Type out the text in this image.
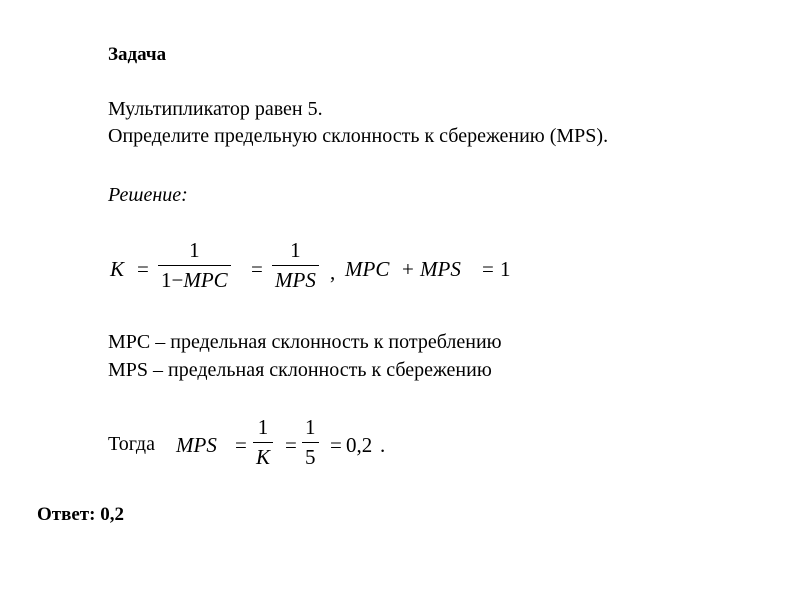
Задача
Мультипликатор равен 5.
Определите предельную склонность к сбережению (MPS).
Решение:
K =
1
1−MPC =
1
MPS , MPC + MPS = 1
MPC – предельная склонность к потреблению
MPS – предельная склонность к сбережению
Тогда MPS = $\frac{1}{K} = \frac{1}{5} = 0,2$ .
Ответ: 0,2
